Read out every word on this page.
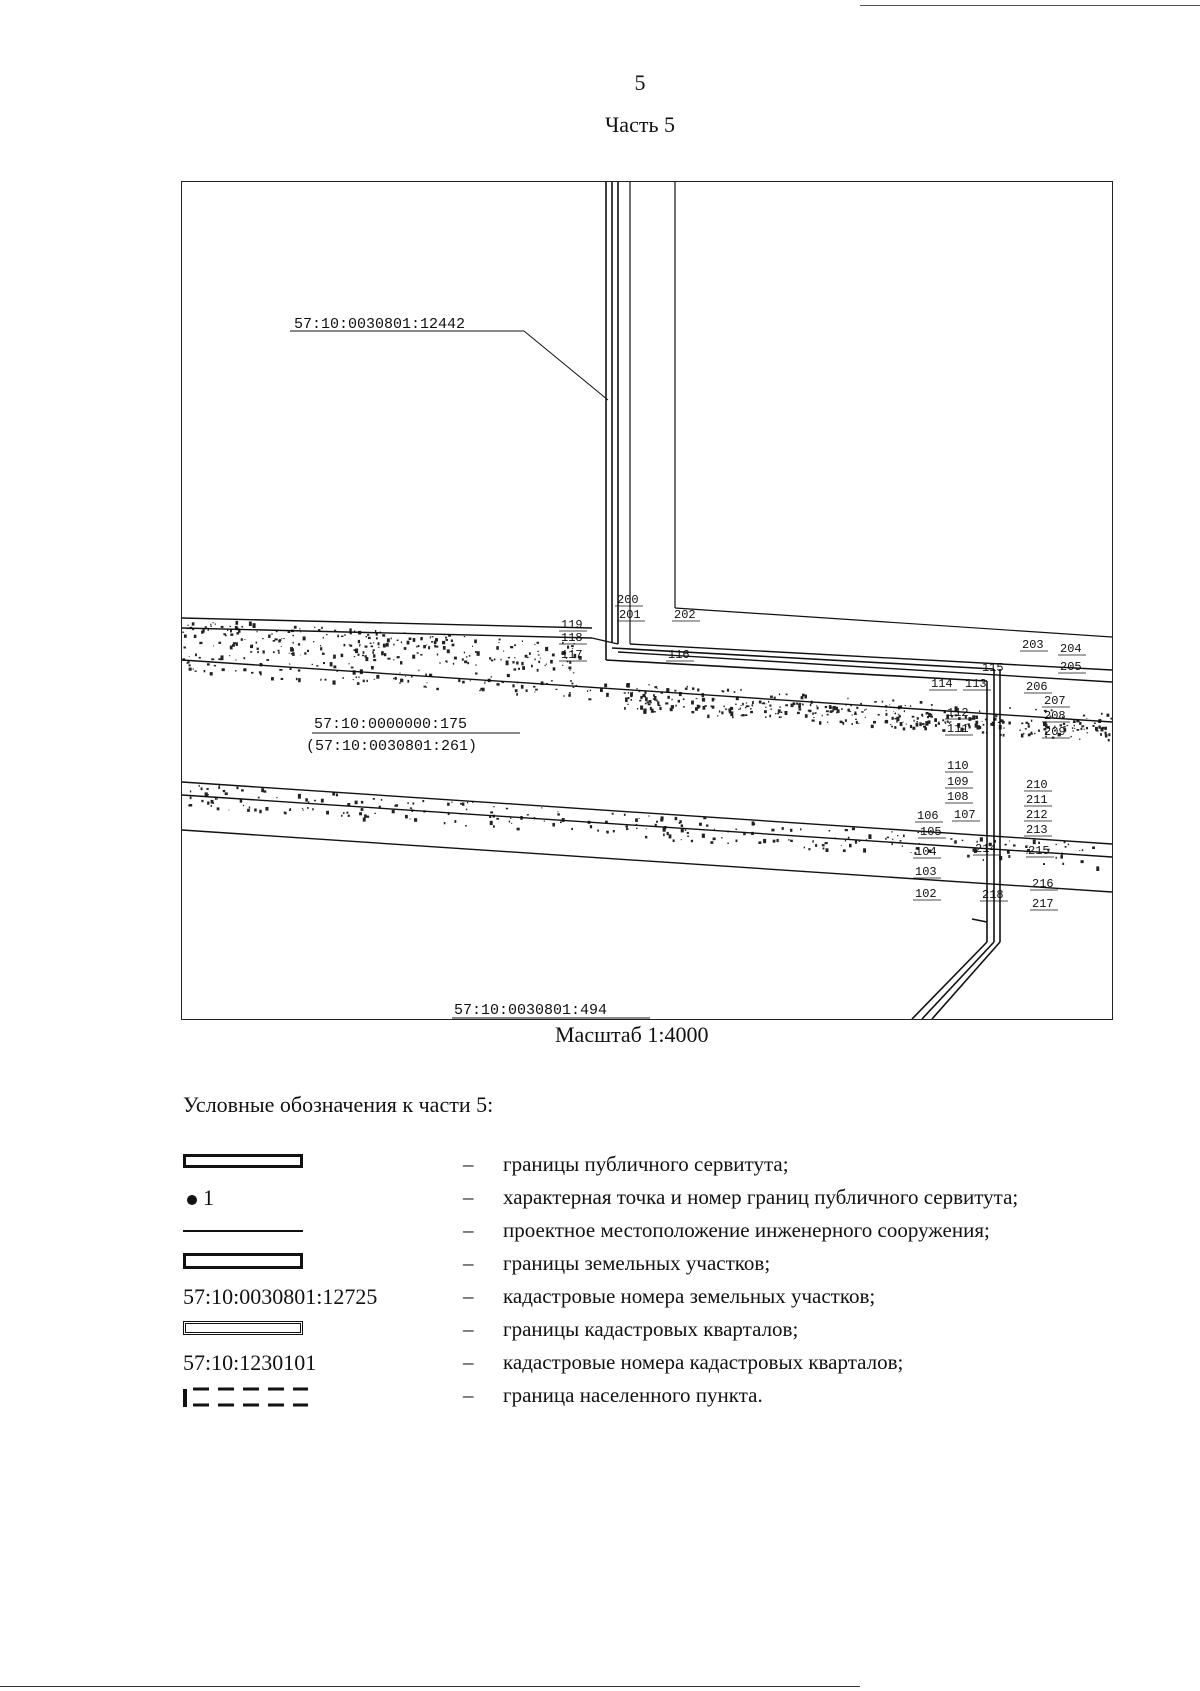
5
Часть 5
57:10:0030801:12442
57:10:0000000:175
(57:10:0030801:261)
57:10:0030801:494
119
118
117	116
114 113
112
111
110
109
108
107
106
105
104
103
102
200
201	202
203 204
205
206
207
208
209
210
211
212
213
214	215
216
217
218
115
Масштаб 1:4000
Условные обозначения к части 5:
– границы публичного сервитута;
1	– характерная точка и номер границ публичного сервитута;
– проектное местоположение инженерного сооружения;
– границы земельных участков;
57:10:0030801:12725	– кадастровые номера земельных участков;
– границы кадастровых кварталов;
57:10:1230101	– кадастровые номера кадастровых кварталов;
– граница населенного пункта.
